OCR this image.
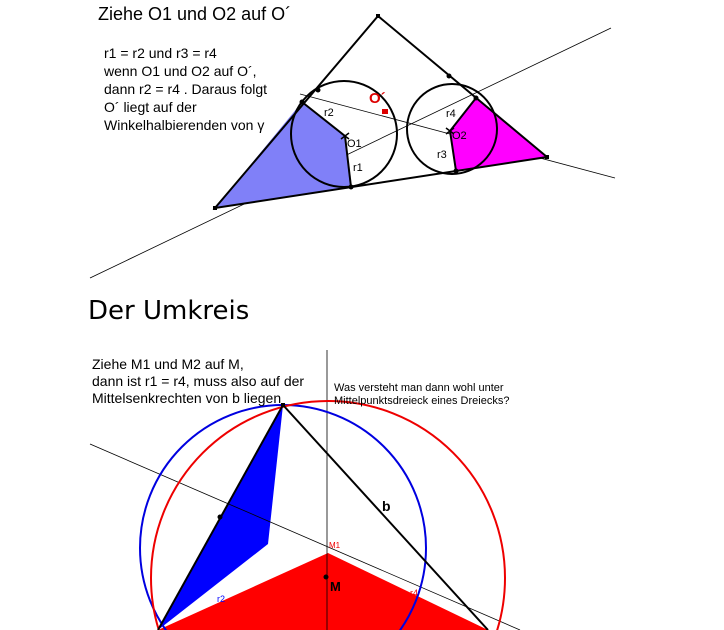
O´
O1
O2
r1
r2
r3
r4
b
M1
M
r2
r4
Ziehe O1 und O2 auf O´
r1 = r2 und r3 = r4
wenn O1 und O2 auf O´,
dann r2 = r4 . Daraus folgt
O´ liegt auf der
Winkelhalbierenden von γ
Der Umkreis
Ziehe M1 und M2 auf M,
dann ist r1 = r4, muss also auf der
Mittelsenkrechten von b liegen
Was versteht man dann wohl unter
Mittelpunktsdreieck eines Dreiecks?
